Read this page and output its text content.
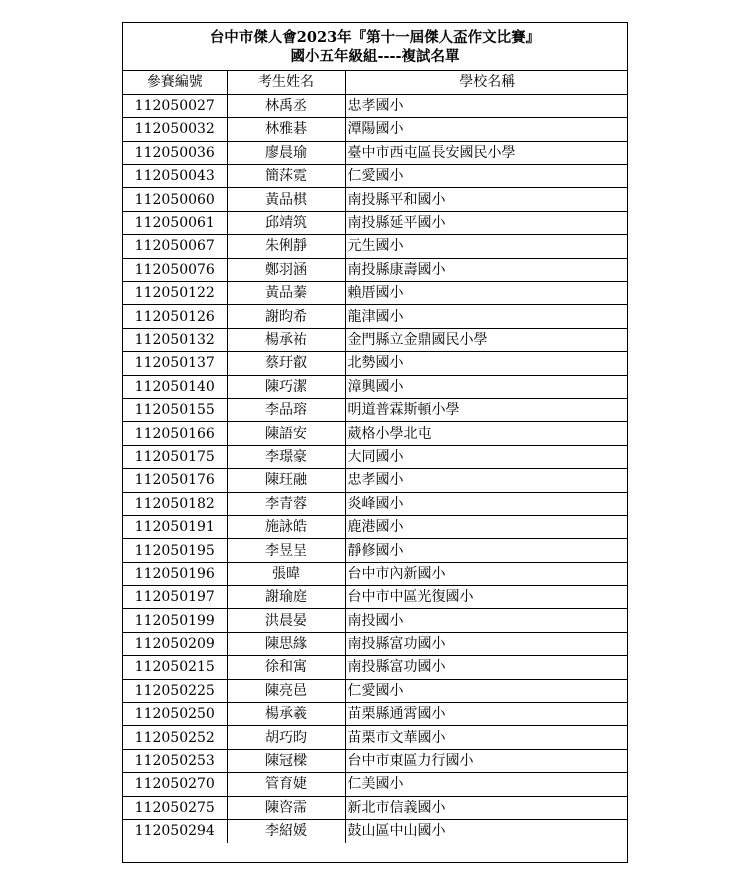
台中市傑人會2023年『第十一屆傑人盃作文比賽』
國小五年級組----複試名單
參賽編號	考生姓名	學校名稱
112050027	林禹丞	忠孝國小
112050032	林雅碁	潭陽國小
112050036	廖晨瑜	臺中市西屯區長安國民小學
112050043	簡莯霓	仁愛國小
112050060	黃品棋	南投縣平和國小
112050061	邱靖筑	南投縣延平國小
112050067	朱俐靜	元生國小
112050076	鄭羽涵	南投縣康壽國小
112050122	黃品蓁	賴厝國小
112050126	謝昀希	龍津國小
112050132	楊承祐	金門縣立金鼎國民小學
112050137	蔡玗叡	北勢國小
112050140	陳巧潔	漳興國小
112050155	李品瑢	明道普霖斯頓小學
112050166	陳語安	葳格小學北屯
112050175	李璟豪	大同國小
112050176	陳玨融	忠孝國小
112050182	李青蓉	炎峰國小
112050191	施詠皓	鹿港國小
112050195	李昱呈	靜修國小
112050196	張暐	台中市內新國小
112050197	謝瑜庭	台中市中區光復國小
112050199	洪晨晏	南投國小
112050209	陳思緣	南投縣富功國小
112050215	徐和寓	南投縣富功國小
112050225	陳亮邑	仁愛國小
112050250	楊承羲	苗栗縣通霄國小
112050252	胡巧昀	苗栗市文華國小
112050253	陳冠樑	台中市東區力行國小
112050270	管育婕	仁美國小
112050275	陳咨霈	新北市信義國小
112050294	李紹媛	鼓山區中山國小
